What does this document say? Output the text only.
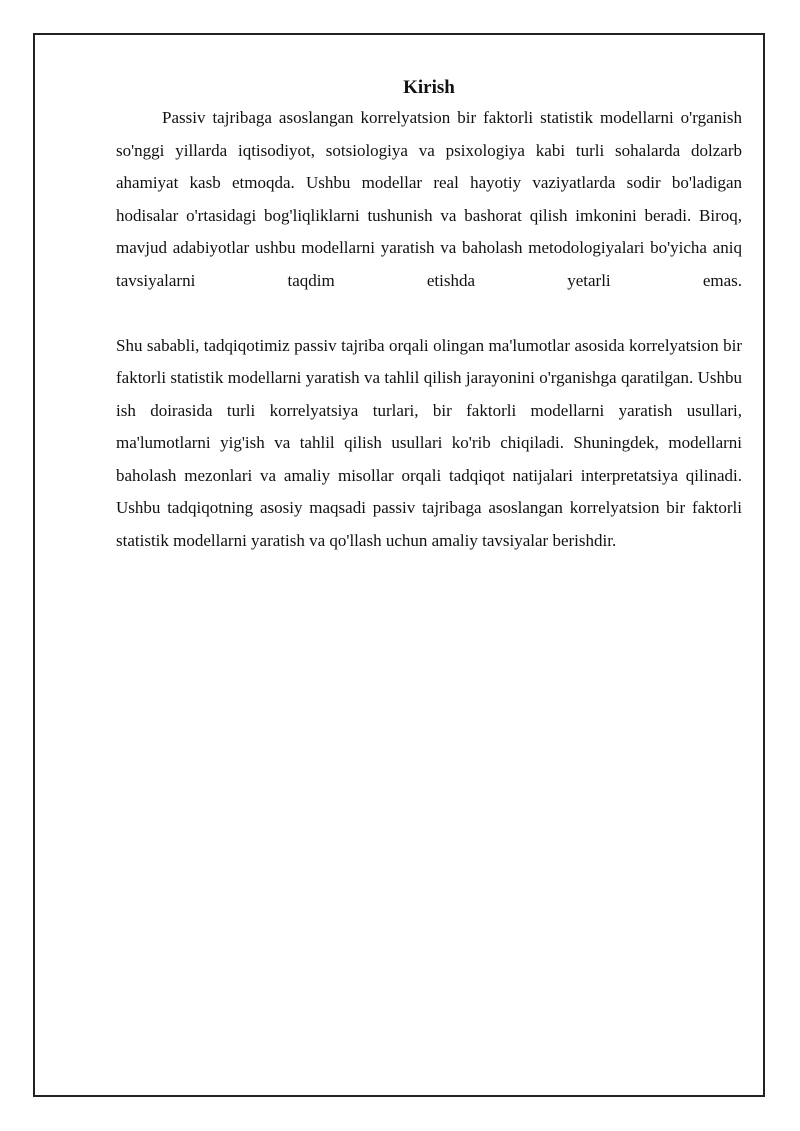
Kirish

Passiv tajribaga asoslangan korrelyatsion bir faktorli statistik modellarni o'rganish so'nggi yillarda iqtisodiyot, sotsiologiya va psixologiya kabi turli sohalarda dolzarb ahamiyat kasb etmoqda. Ushbu modellar real hayotiy vaziyatlarda sodir bo'ladigan hodisalar o'rtasidagi bog'liqliklarni tushunish va bashorat qilish imkonini beradi. Biroq, mavjud adabiyotlar ushbu modellarni yaratish va baholash metodologiyalari bo'yicha aniq tavsiyalarni taqdim etishda yetarli emas.

Shu sababli, tadqiqotimiz passiv tajriba orqali olingan ma'lumotlar asosida korrelyatsion bir faktorli statistik modellarni yaratish va tahlil qilish jarayonini o'rganishga qaratilgan. Ushbu ish doirasida turli korrelyatsiya turlari, bir faktorli modellarni yaratish usullari, ma'lumotlarni yig'ish va tahlil qilish usullari ko'rib chiqiladi. Shuningdek, modellarni baholash mezonlari va amaliy misollar orqali tadqiqot natijalari interpretatsiya qilinadi. Ushbu tadqiqotning asosiy maqsadi passiv tajribaga asoslangan korrelyatsion bir faktorli statistik modellarni yaratish va qo'llash uchun amaliy tavsiyalar berishdir.
